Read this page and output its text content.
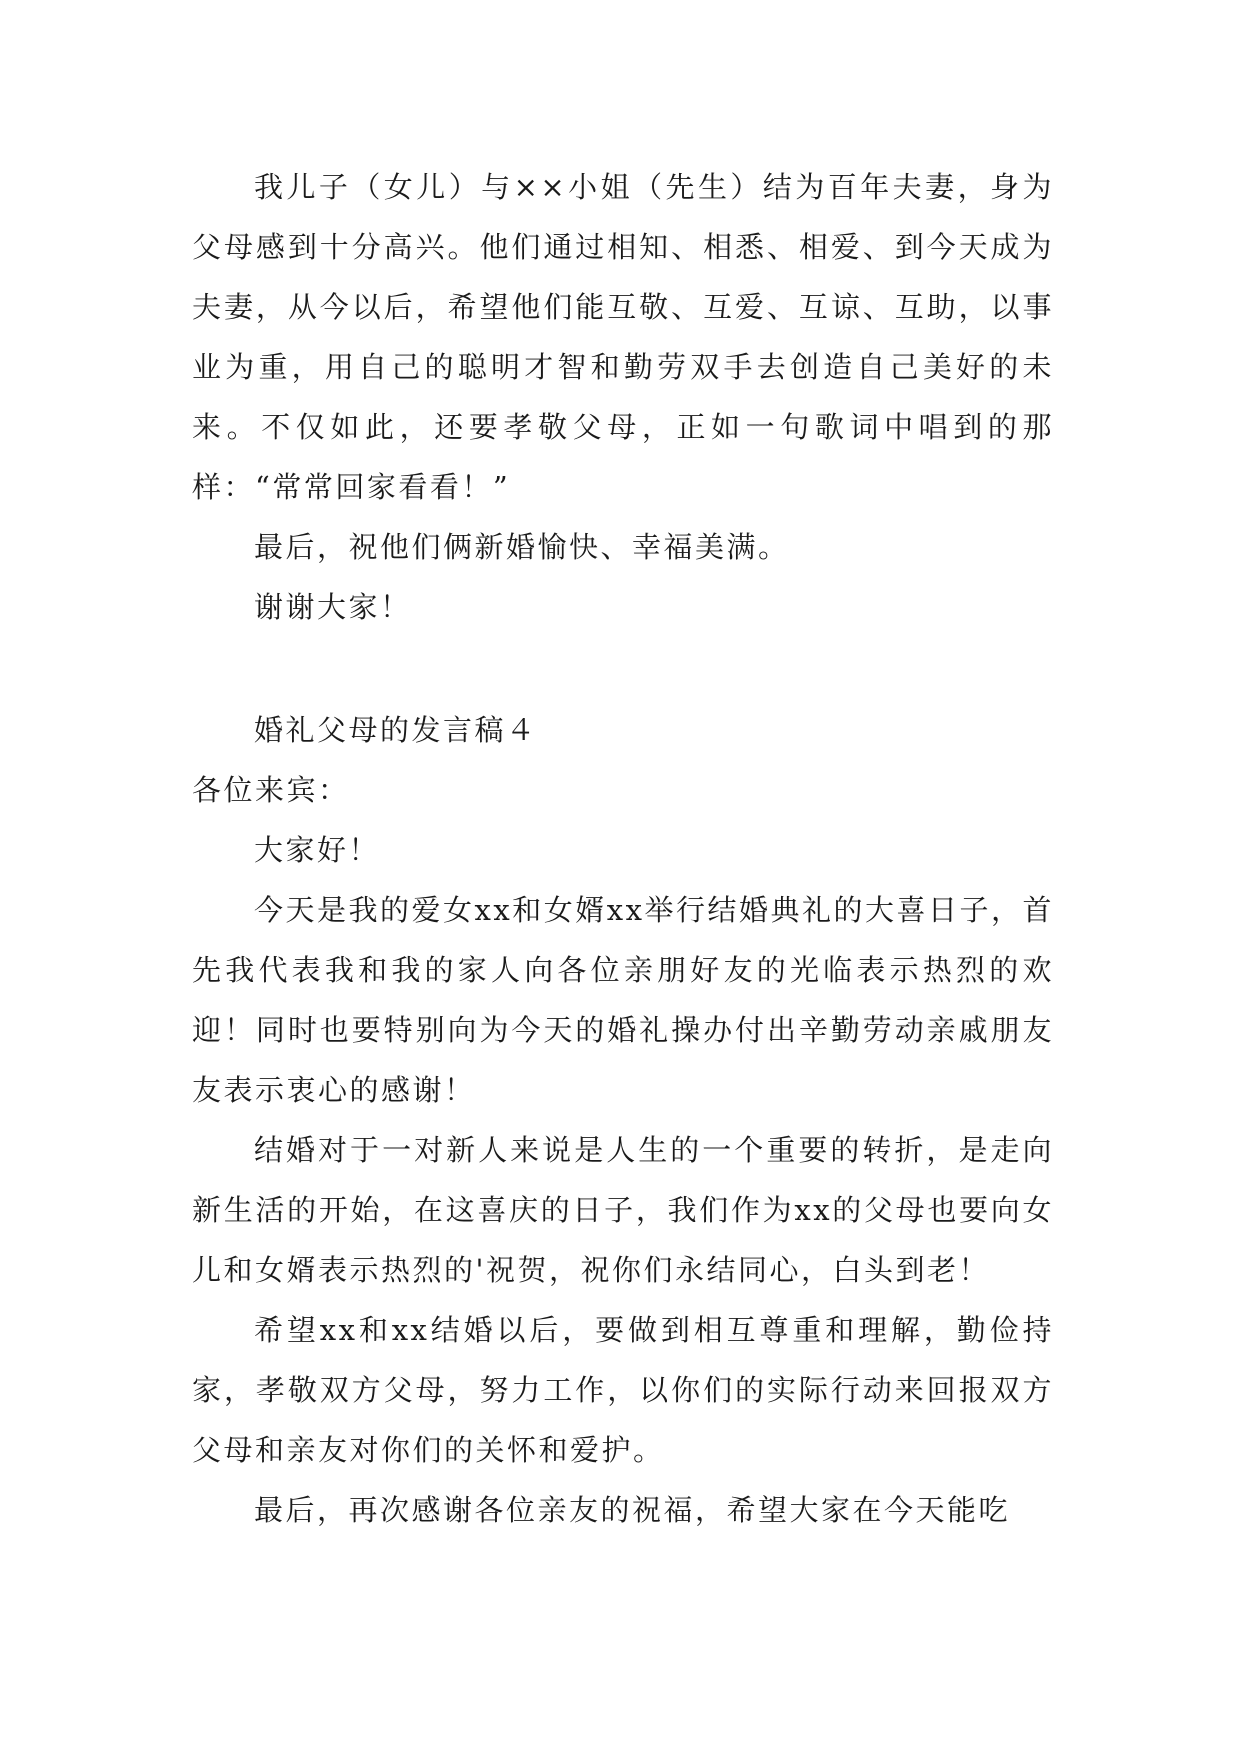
我儿子（女儿）与××小姐（先生）结为百年夫妻，身为父母感到十分高兴。他们通过相知、相悉、相爱、到今天成为夫妻，从今以后，希望他们能互敬、互爱、互谅、互助，以事业为重，用自己的聪明才智和勤劳双手去创造自己美好的未来。不仅如此，还要孝敬父母，正如一句歌词中唱到的那样：“常常回家看看！”

最后，祝他们俩新婚愉快、幸福美满。

谢谢大家！

婚礼父母的发言稿４

各位来宾：

大家好！

今天是我的爱女xx和女婿xx举行结婚典礼的大喜日子，首先我代表我和我的家人向各位亲朋好友的光临表示热烈的欢迎！同时也要特别向为今天的婚礼操办付出辛勤劳动亲戚朋友友表示衷心的感谢！

结婚对于一对新人来说是人生的一个重要的转折，是走向新生活的开始，在这喜庆的日子，我们作为xx的父母也要向女儿和女婿表示热烈的'祝贺，祝你们永结同心，白头到老！

希望xx和xx结婚以后，要做到相互尊重和理解，勤俭持家，孝敬双方父母，努力工作，以你们的实际行动来回报双方父母和亲友对你们的关怀和爱护。

最后，再次感谢各位亲友的祝福，希望大家在今天能吃
